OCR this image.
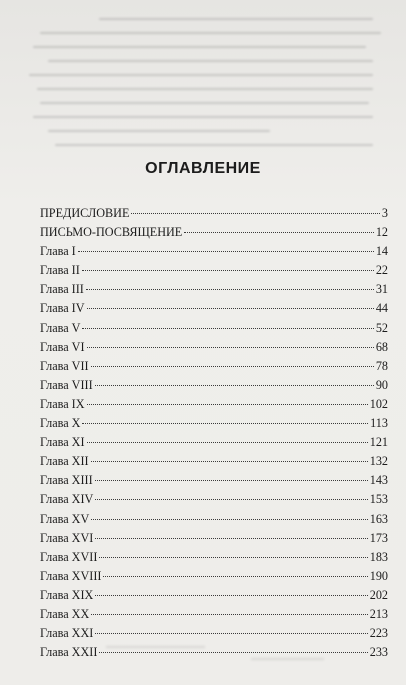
ОГЛАВЛЕНИЕ
ПРЕДИСЛОВИЕ	3
ПИСЬМО-ПОСВЯЩЕНИЕ	12
Глава I	14
Глава II	22
Глава III	31
Глава IV	44
Глава V	52
Глава VI	68
Глава VII	78
Глава VIII	90
Глава IX	102
Глава X	113
Глава XI	121
Глава XII	132
Глава XIII	143
Глава XIV	153
Глава XV	163
Глава XVI	173
Глава XVII	183
Глава XVIII	190
Глава XIX	202
Глава XX	213
Глава XXI	223
Глава XXII	233
